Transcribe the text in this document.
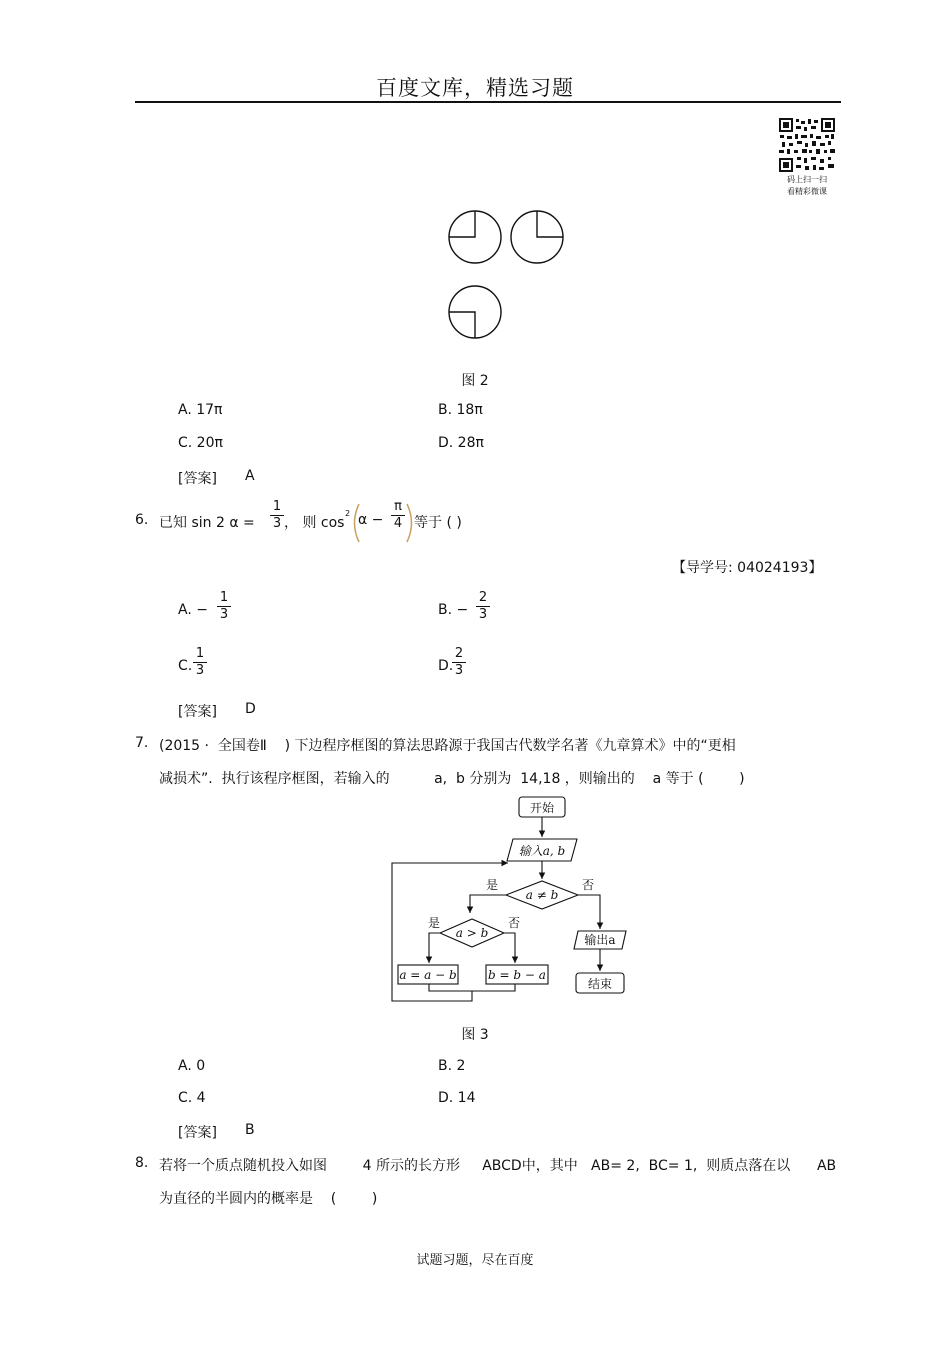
百度文库，精选习题
码上扫一扫
看精彩微课
图 2
A. 17π	B. 18π
C. 20π	D. 28π
[答案] A
6. 已知 sin 2 α =
1
3 ， 则 cos
2 α −
π
4 等于 ( )
【导学号: 04024193】
A. −
1
3	B. −
2
3
C.
1
3	D.
2
3
[答案] D
7. (2015 ·  全国卷Ⅱ    ) 下边程序框图的算法思路源于我国古代数学名著《九章算术》中的“更相
减损术”.  执行该程序框图，若输入的          a,  b 分别为  14,18 ，则输出的    a 等于 (        )
开始
输入a, b
a ≠ b
是	否
a > b
是	否
a = a − b	b = b − a
输出a
结束
图 3
A. 0	B. 2
C. 4	D. 14
[答案] B
8. 若将一个质点随机投入如图        4 所示的长方形     ABCD中，其中   AB= 2,  BC= 1,  则质点落在以      AB
为直径的半圆内的概率是    (        )
试题习题，尽在百度
